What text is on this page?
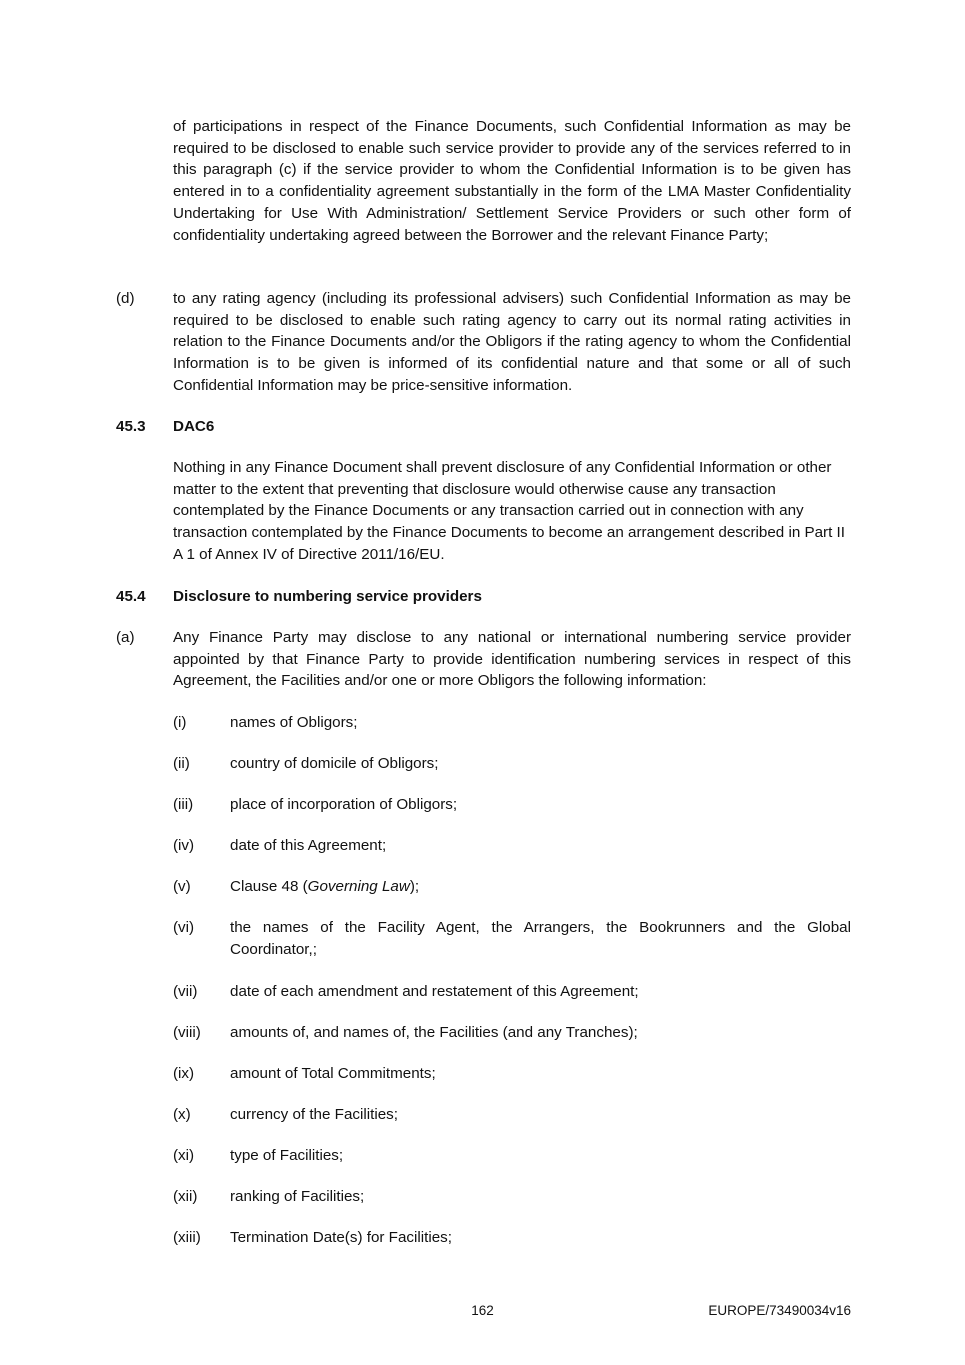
of participations in respect of the Finance Documents, such Confidential Information as may be required to be disclosed to enable such service provider to provide any of the services referred to in this paragraph (c) if the service provider to whom the Confidential Information is to be given has entered in to a confidentiality agreement substantially in the form of the LMA Master Confidentiality Undertaking for Use With Administration/ Settlement Service Providers or such other form of confidentiality undertaking agreed between the Borrower and the relevant Finance Party;

(d)	to any rating agency (including its professional advisers) such Confidential Information as may be required to be disclosed to enable such rating agency to carry out its normal rating activities in relation to the Finance Documents and/or the Obligors if the rating agency to whom the Confidential Information is to be given is informed of its confidential nature and that some or all of such Confidential Information may be price-sensitive information.

45.3 DAC6

Nothing in any Finance Document shall prevent disclosure of any Confidential Information or other matter to the extent that preventing that disclosure would otherwise cause any transaction contemplated by the Finance Documents or any transaction carried out in connection with any transaction contemplated by the Finance Documents to become an arrangement described in Part II A 1 of Annex IV of Directive 2011/16/EU.

45.4 Disclosure to numbering service providers
(a)	Any Finance Party may disclose to any national or international numbering service provider appointed by that Finance Party to provide identification numbering services in respect of this Agreement, the Facilities and/or one or more Obligors the following information:

(i)	names of Obligors;
(ii)	country of domicile of Obligors;
(iii) place of incorporation of Obligors;
(iv) date of this Agreement;
(v)	Clause 48 (Governing Law);
(vi) the names of the Facility Agent, the Arrangers, the Bookrunners and the Global Coordinator,;
(vii) date of each amendment and restatement of this Agreement;
(viii) amounts of, and names of, the Facilities (and any Tranches);
(ix) amount of Total Commitments;
(x)	currency of the Facilities;
(xi) type of Facilities;
(xii) ranking of Facilities;
(xiii) Termination Date(s) for Facilities;
162	EUROPE/73490034v16
